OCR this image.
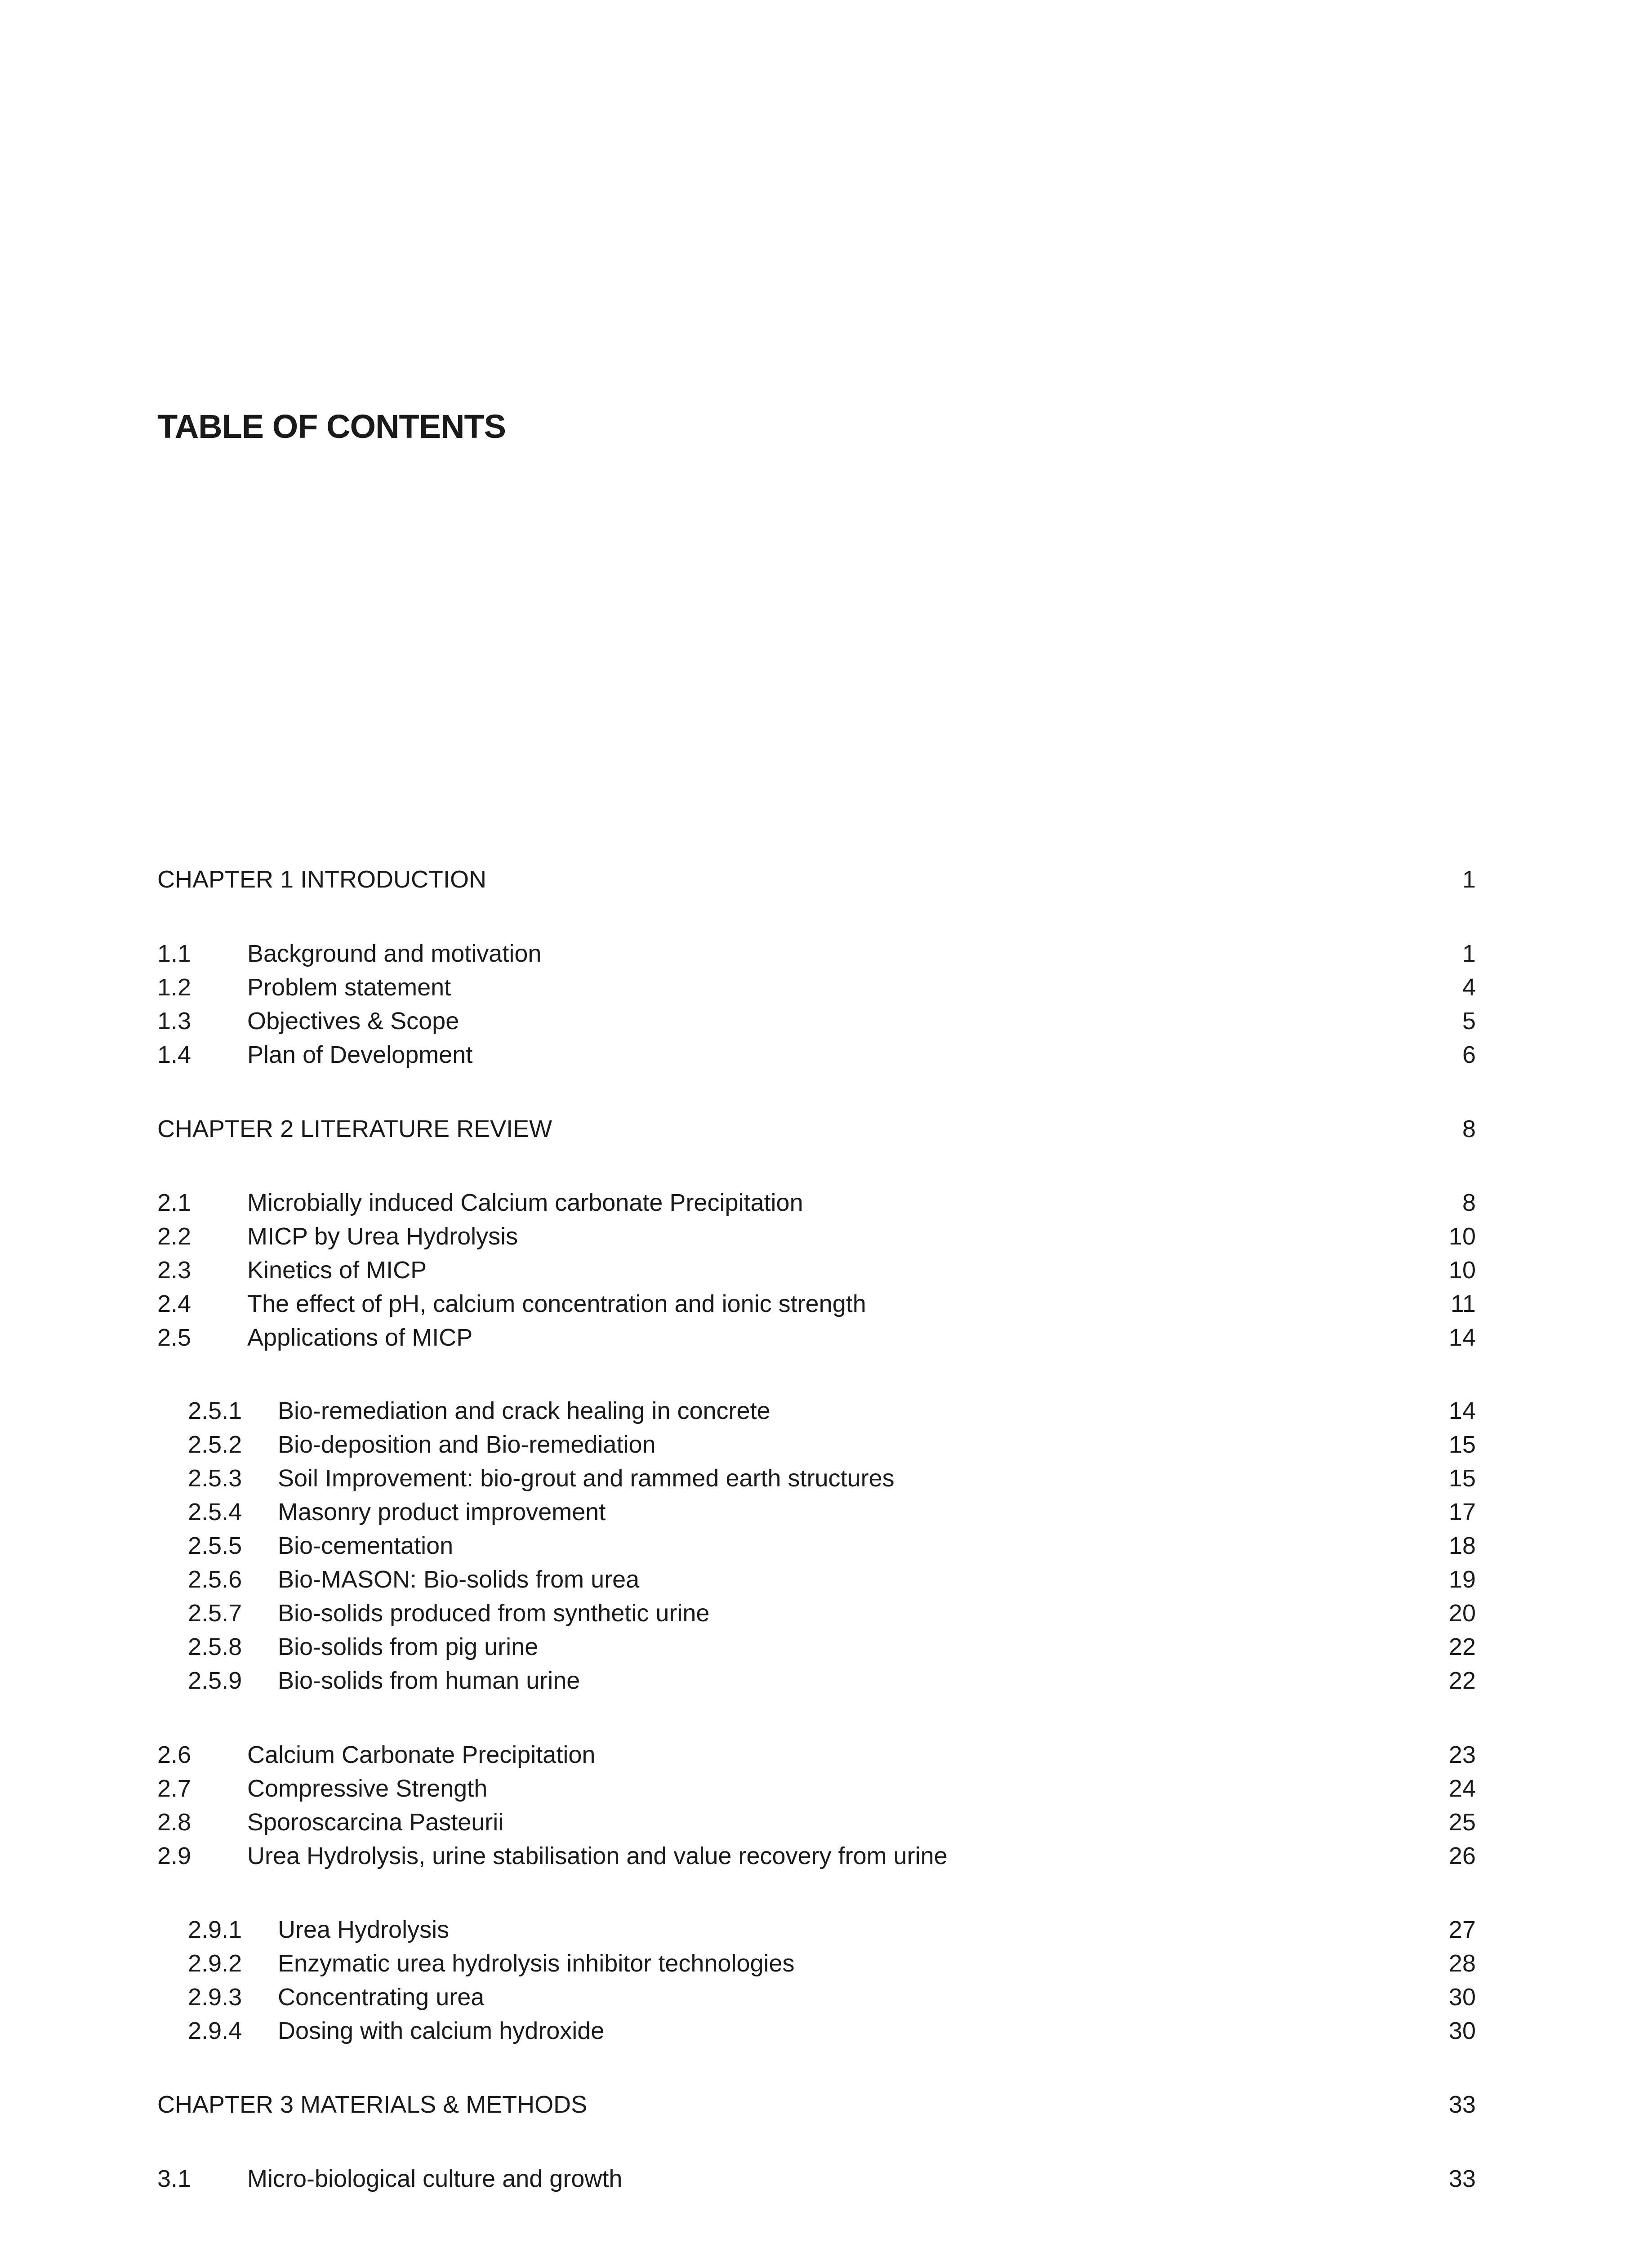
TABLE OF CONTENTS
CHAPTER 1 INTRODUCTION	1
1.1 Background and motivation	1
1.2 Problem statement	4
1.3 Objectives & Scope	5
1.4 Plan of Development	6
CHAPTER 2 LITERATURE REVIEW	8
2.1 Microbially induced Calcium carbonate Precipitation	8
2.2 MICP by Urea Hydrolysis	10
2.3 Kinetics of MICP	10
2.4 The effect of pH, calcium concentration and ionic strength	11
2.5 Applications of MICP	14
2.5.1 Bio-remediation and crack healing in concrete	14
2.5.2 Bio-deposition and Bio-remediation	15
2.5.3 Soil Improvement: bio-grout and rammed earth structures	15
2.5.4 Masonry product improvement	17
2.5.5 Bio-cementation	18
2.5.6 Bio-MASON: Bio-solids from urea	19
2.5.7 Bio-solids produced from synthetic urine	20
2.5.8 Bio-solids from pig urine	22
2.5.9 Bio-solids from human urine	22
2.6 Calcium Carbonate Precipitation	23
2.7 Compressive Strength	24
2.8 Sporoscarcina Pasteurii	25
2.9 Urea Hydrolysis, urine stabilisation and value recovery from urine	26
2.9.1 Urea Hydrolysis	27
2.9.2 Enzymatic urea hydrolysis inhibitor technologies	28
2.9.3 Concentrating urea	30
2.9.4 Dosing with calcium hydroxide	30
CHAPTER 3 MATERIALS & METHODS	33
3.1 Micro-biological culture and growth	33
